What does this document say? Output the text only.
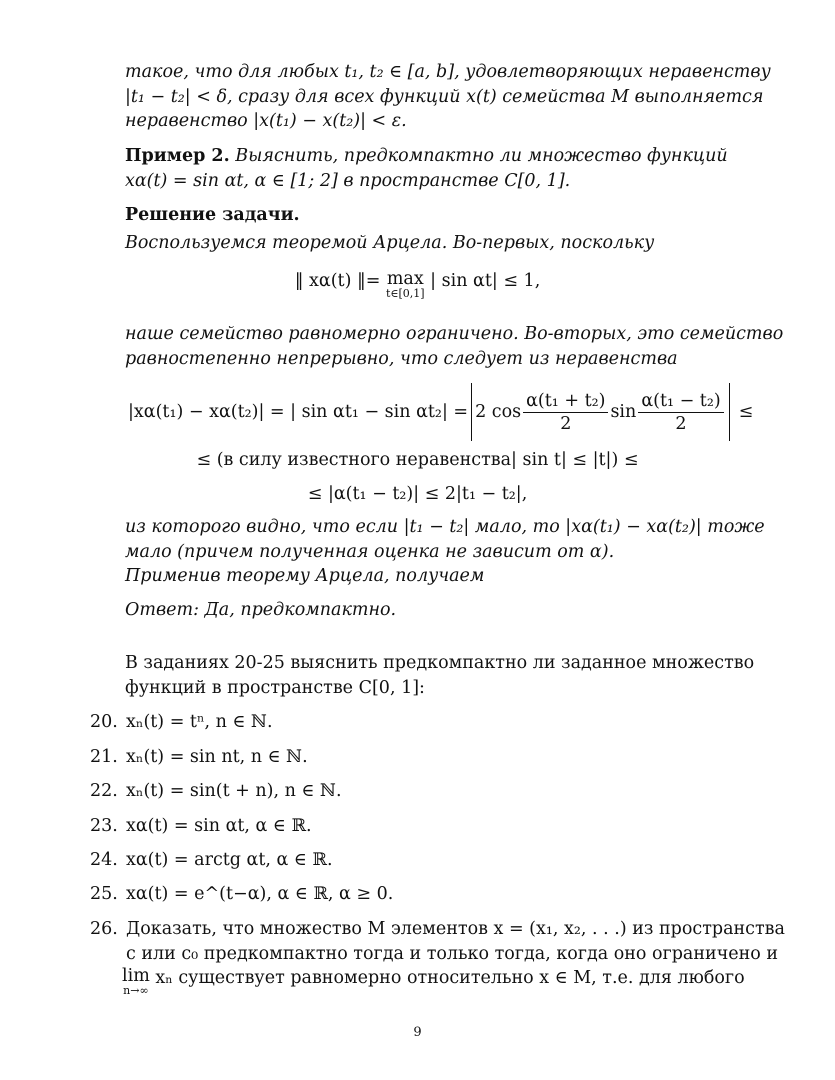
такое, что для любых t₁, t₂ ∈ [a, b], удовлетворяющих неравенству
|t₁ − t₂| < δ, сразу для всех функций x(t) семейства M выполняется
неравенство |x(t₁) − x(t₂)| < ε.
Пример 2. Выяснить, предкомпактно ли множество функций
xα(t) = sin αt, α ∈ [1; 2] в пространстве C[0, 1].
Решение задачи.
Воспользуемся теоремой Арцела. Во-первых, поскольку
‖ xα(t) ‖= max
t∈[0,1]
| sin αt| ≤ 1,
наше семейство равномерно ограничено. Во-вторых, это семейство
равностепенно непрерывно, что следует из неравенства
|xα(t₁) − xα(t₂)| = | sin αt₁ − sin αt₂| = 2 $\cos \frac{\text{α(t₁ + t₂)}}{2}$ $\sin \frac{\text{α(t₁ − t₂)}}{2}$ ≤
≤ (в силу известного неравенства| sin t| ≤ |t|) ≤
≤ |α(t₁ − t₂)| ≤ 2|t₁ − t₂|,
из которого видно, что если |t₁ − t₂| мало, то |xα(t₁) − xα(t₂)| тоже
мало (причем полученная оценка не зависит от α).
Применив теорему Арцела, получаем
Ответ: Да, предкомпактно.
В заданиях 20-25 выяснить предкомпактно ли заданное множество
функций в пространстве C[0, 1]:
20. xₙ(t) = tⁿ, n ∈ ℕ.
21. xₙ(t) = sin nt, n ∈ ℕ.
22. xₙ(t) = sin(t + n), n ∈ ℕ.
23. xα(t) = sin αt, α ∈ ℝ.
24. xα(t) = arctg αt, α ∈ ℝ.
25. xα(t) = e^(t−α), α ∈ ℝ, α ≥ 0.
26. Доказать, что множество M элементов x = (x₁, x₂, . . .) из пространства
c или c₀ предкомпактно тогда и только тогда, когда оно ограничено и
lim
n→∞
xₙ существует равномерно относительно x ∈ M, т.е. для любого
9
